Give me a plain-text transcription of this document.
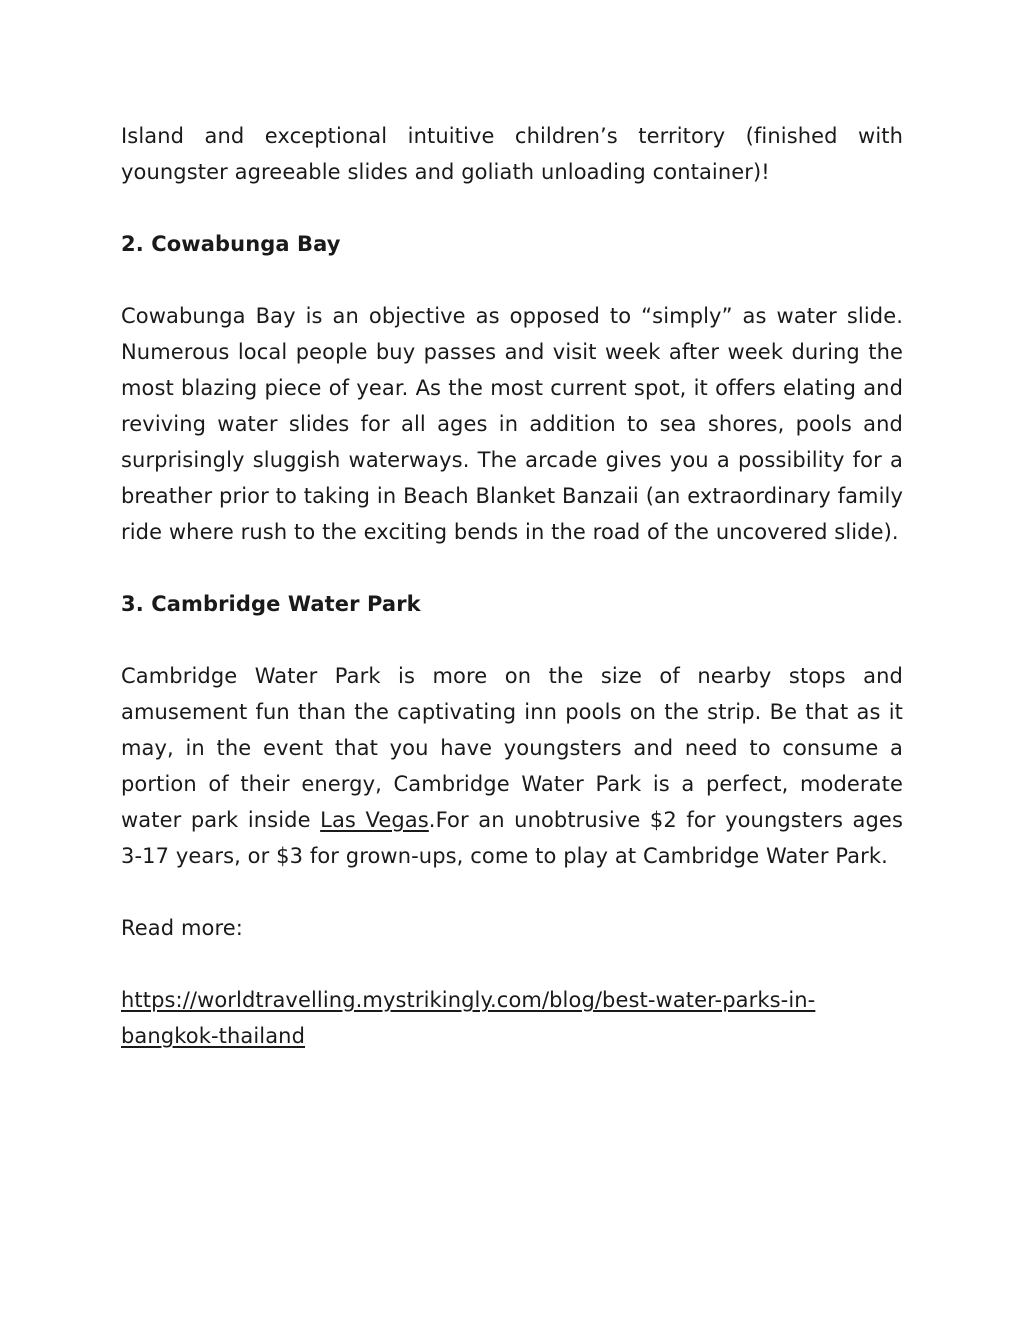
Island and exceptional intuitive children’s territory (finished with youngster agreeable slides and goliath unloading container)!

2. Cowabunga Bay

Cowabunga Bay is an objective as opposed to “simply” as water slide. Numerous local people buy passes and visit week after week during the most blazing piece of year. As the most current spot, it offers elating and reviving water slides for all ages in addition to sea shores, pools and surprisingly sluggish waterways. The arcade gives you a possibility for a breather prior to taking in Beach Blanket Banzaii (an extraordinary family ride where rush to the exciting bends in the road of the uncovered slide).

3. Cambridge Water Park

Cambridge Water Park is more on the size of nearby stops and amusement fun than the captivating inn pools on the strip. Be that as it may, in the event that you have youngsters and need to consume a portion of their energy, Cambridge Water Park is a perfect, moderate water park inside Las Vegas.For an unobtrusive $2 for youngsters ages 3-17 years, or $3 for grown-ups, come to play at Cambridge Water Park.

Read more:

https://worldtravelling.mystrikingly.com/blog/best-water-parks-in-
bangkok-thailand
